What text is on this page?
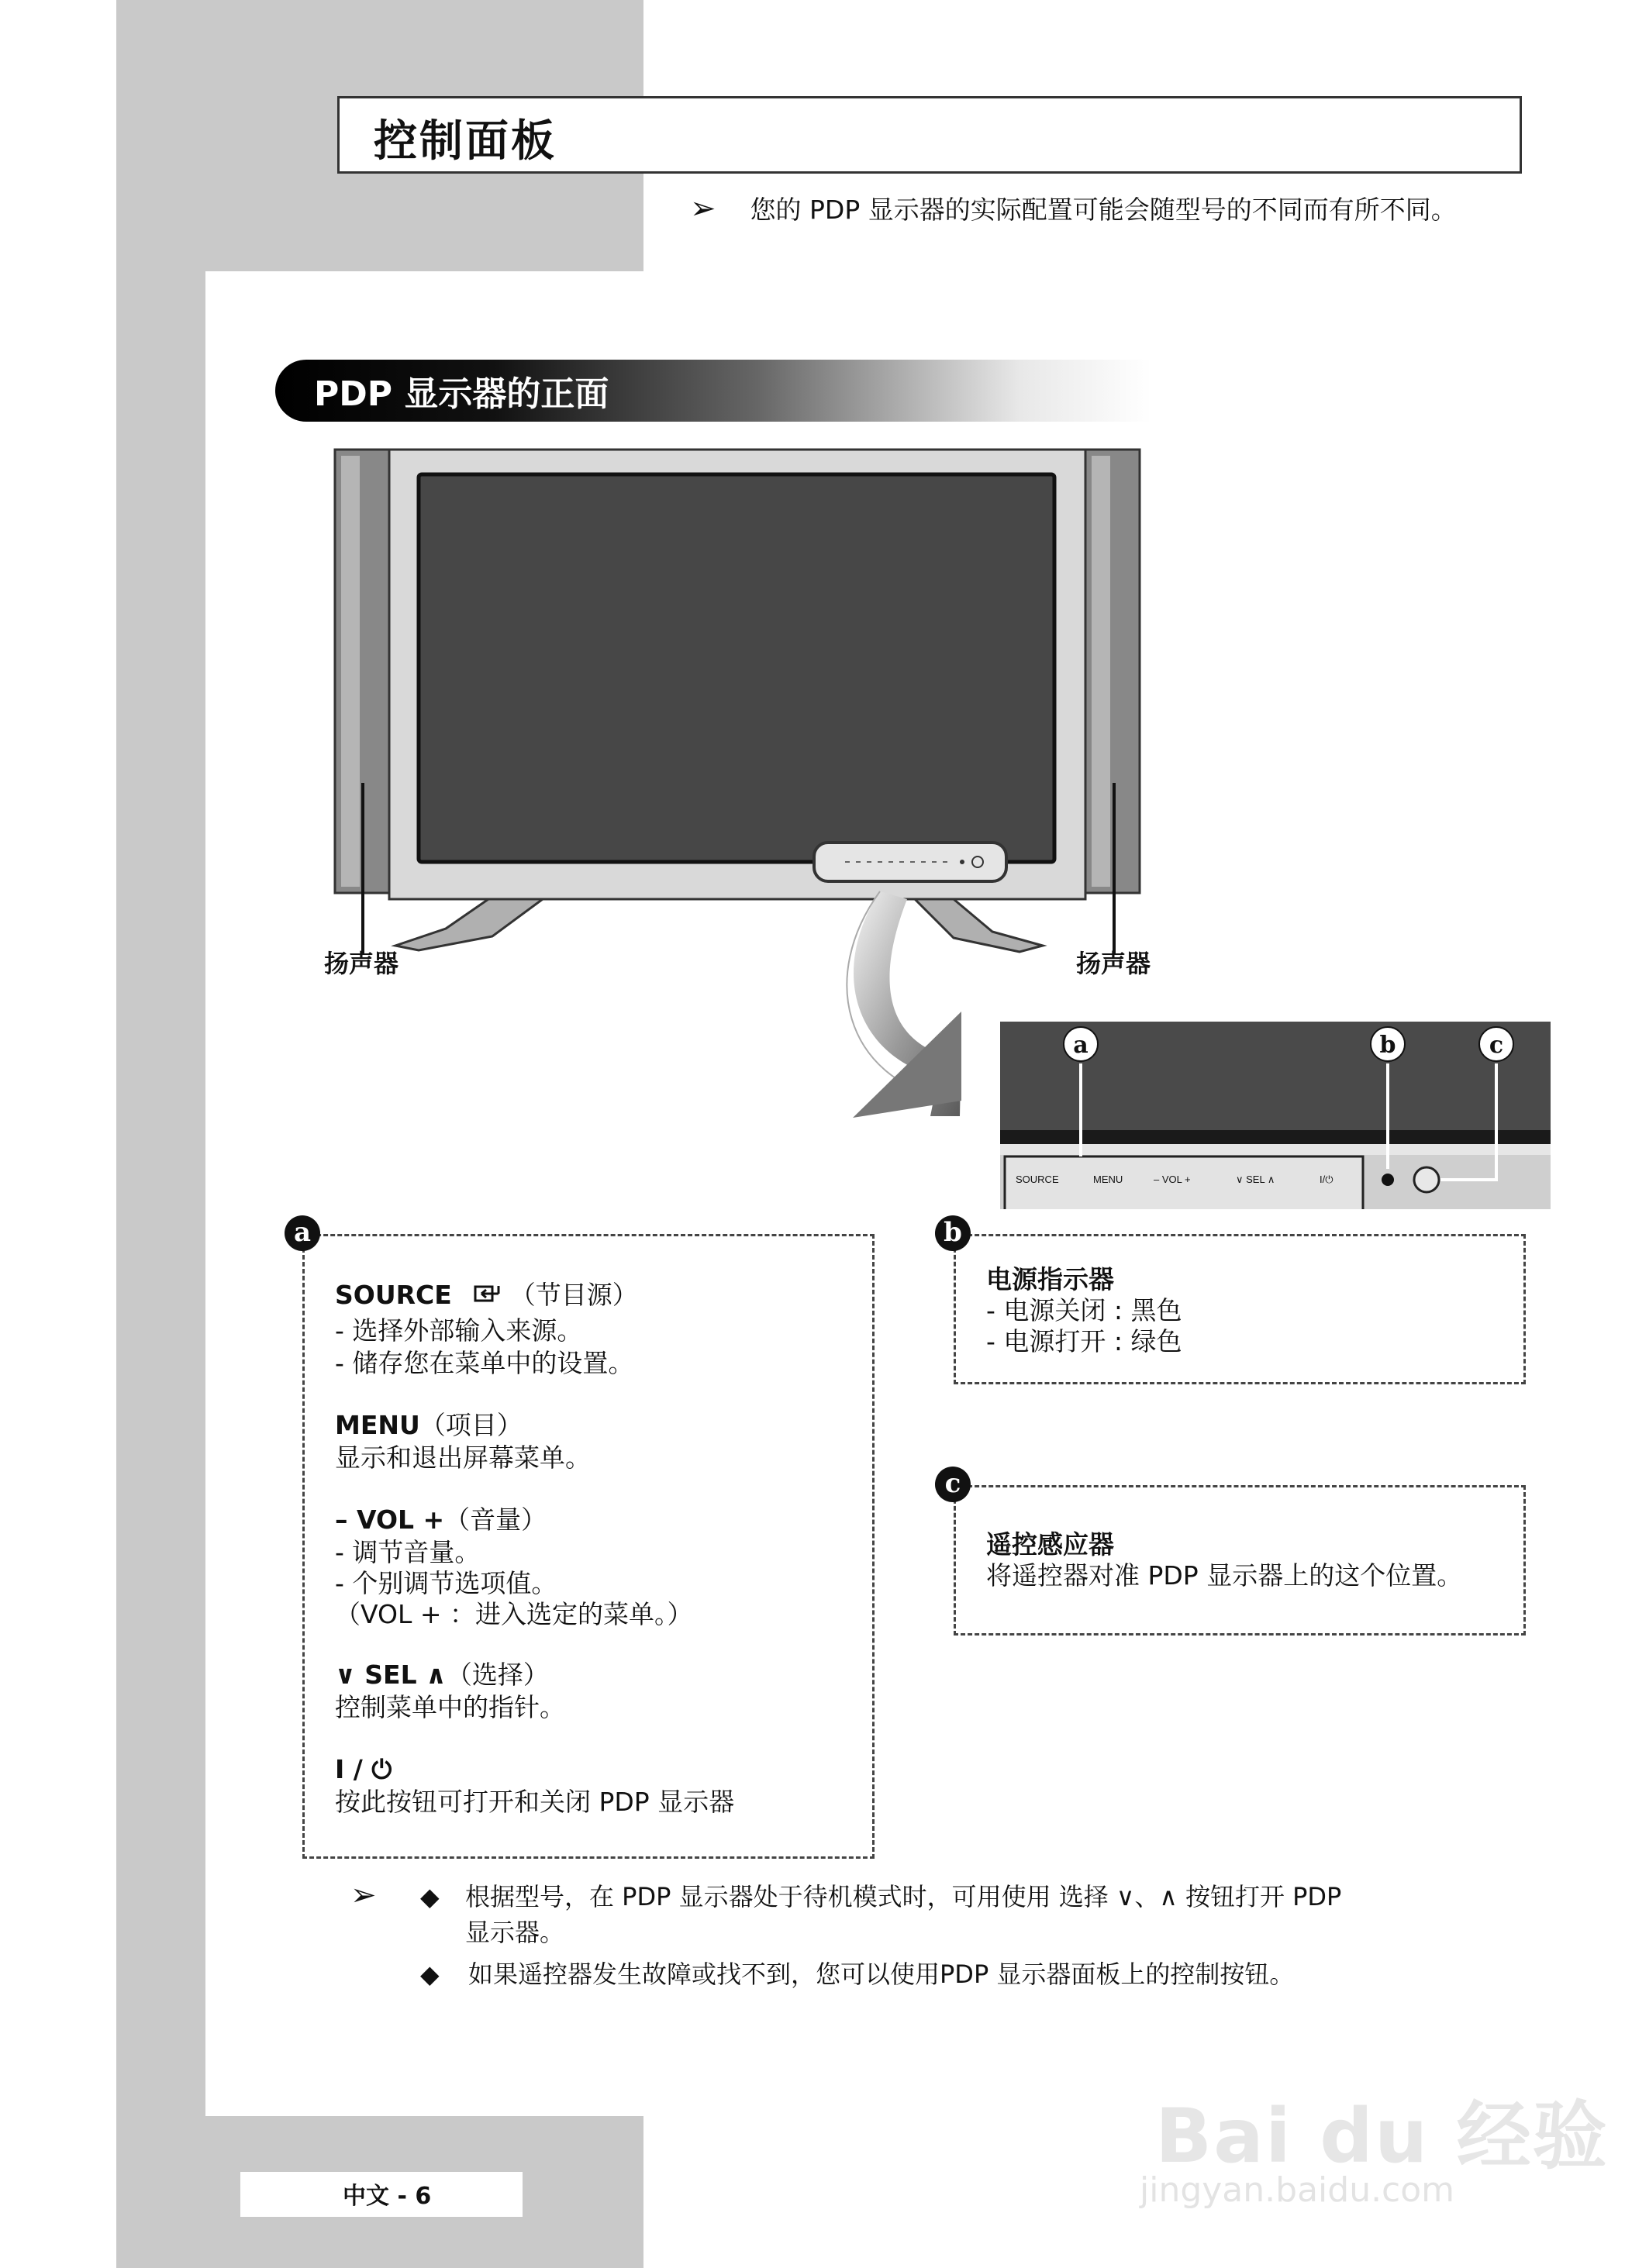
控制面板
➢ 您的 PDP 显示器的实际配置可能会随型号的不同而有所不同。
PDP 显示器的正面
SOURCE	MENU	– VOL +	∨ SEL ∧	I/⏻
a	b	c
扬声器	扬声器
a
SOURCE （节目源）
- 选择外部输入来源。
- 储存您在菜单中的设置。
MENU（项目）
显示和退出屏幕菜单。
– VOL +（音量）
- 调节音量。
- 个别调节选项值。
（VOL + ：进入选定的菜单。）
∨ SEL ∧（选择）
控制菜单中的指针。
I / ⏻
按此按钮可打开和关闭 PDP 显示器
b
电源指示器
- 电源关闭 : 黑色
- 电源打开 : 绿色
c
遥控感应器
将遥控器对准 PDP 显示器上的这个位置。
➢ ◆ 根据型号，在 PDP 显示器处于待机模式时，可用使用 选择 ∨、∧ 按钮打开 PDP
显示器。
◆ 如果遥控器发生故障或找不到，您可以使用PDP 显示器面板上的控制按钮。
中文 - 6
Bai du 经验
jingyan.baidu.com
